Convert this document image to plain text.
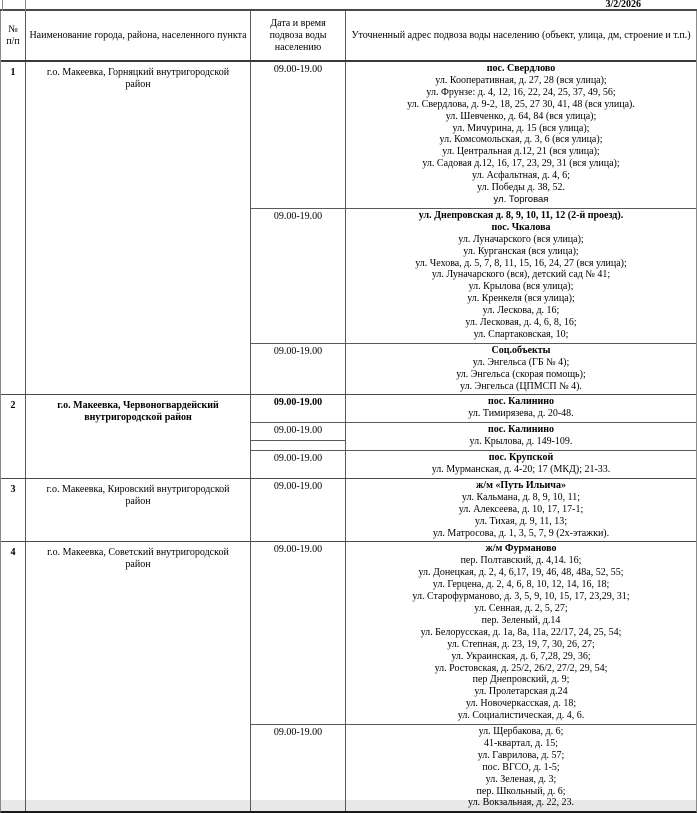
3/2/2026
№ п/п
Наименование города, района, населенного пункта
Дата и время подвоза воды населению
Уточненный адрес подвоза воды населению (объект, улица, дм, строение и т.п.)
1	г.о. Макеевка, Горняцкий внутригородской район
09.00-19.00	пос. Свердлово
ул. Кооперативная, д. 27, 28 (вся улица);
ул. Фрунзе: д. 4, 12, 16, 22, 24, 25, 37, 49, 56;
ул. Свердлова, д. 9-2, 18, 25, 27 30, 41, 48 (вся улица).
ул. Шевченко, д. 64, 84 (вся улица);
ул. Мичурина, д. 15 (вся улица);
ул. Комсомольская, д. 3, 6 (вся улица);
ул. Центральная д.12, 21 (вся улица);
ул. Садовая д.12, 16, 17, 23, 29, 31 (вся улица);
ул. Асфальтная, д. 4, 6;
ул. Победы д. 38, 52.
ул. Торговая
09.00-19.00	ул. Днепровская д. 8, 9, 10, 11, 12 (2-й проезд).
пос. Чкалова
ул. Луначарского (вся улица);
ул. Курганская (вся улица);
ул. Чехова, д. 5, 7, 8, 11, 15, 16, 24, 27 (вся улица);
ул. Луначарского (вся), детский сад № 41;
ул. Крылова (вся улица);
ул. Кренкеля (вся улица);
ул. Лескова, д. 16;
ул. Лесковая, д. 4, 6, 8, 16;
ул. Спартаковская, 10;
09.00-19.00	Соц.объекты
ул. Энгельса (ГБ № 4);
ул. Энгельса (скорая помощь);
ул. Энгельса (ЦПМСП № 4).
2	г.о. Макеевка, Червоногвардейский внутригородской район
09.00-19.00	пос. Калинино
ул. Тимирязева, д. 20-48.
09.00-19.00	пос. Калинино
ул. Крылова, д. 149-109.
09.00-19.00	пос. Крупской
ул. Мурманская, д. 4-20; 17 (МКД); 21-33.
3	г.о. Макеевка, Кировский внутригородской район
09.00-19.00	ж/м «Путь Ильича»
ул. Кальмана, д. 8, 9, 10, 11;
ул. Алексеева, д. 10, 17, 17-1;
ул. Тихая, д. 9, 11, 13;
ул. Матросова, д. 1, 3, 5, 7, 9 (2х-этажки).
4	г.о. Макеевка, Советский внутригородской район
09.00-19.00	ж/м Фурманово
пер. Полтавский, д. 4,14. 16;
ул. Донецкая, д. 2, 4, 6,17, 19, 46, 48, 48а, 52, 55;
ул. Герцена, д. 2, 4, 6, 8, 10, 12, 14, 16, 18;
ул. Старофурманово, д. 3, 5, 9, 10, 15, 17, 23,29, 31;
ул. Сенная, д. 2, 5, 27;
пер. Зеленый, д.14
ул. Белорусская, д. 1а, 8а, 11а, 22/17, 24, 25, 54;
ул. Степная, д. 23, 19, 7, 30, 26, 27;
ул. Украинская, д. 6, 7,28, 29, 36;
ул. Ростовская, д. 25/2, 26/2, 27/2, 29, 54;
пер Днепровский, д. 9;
ул. Пролетарская д.24
ул. Новочеркасская, д. 18;
ул. Социалистическая, д. 4, 6.
09.00-19.00	ул. Щербакова, д. 6;
41-квартал, д. 15;
ул. Гаврилова, д. 57;
пос. ВГСО, д. 1-5;
ул. Зеленая, д. 3;
пер. Школьный, д. 6;
ул. Вокзальная, д. 22, 23.
